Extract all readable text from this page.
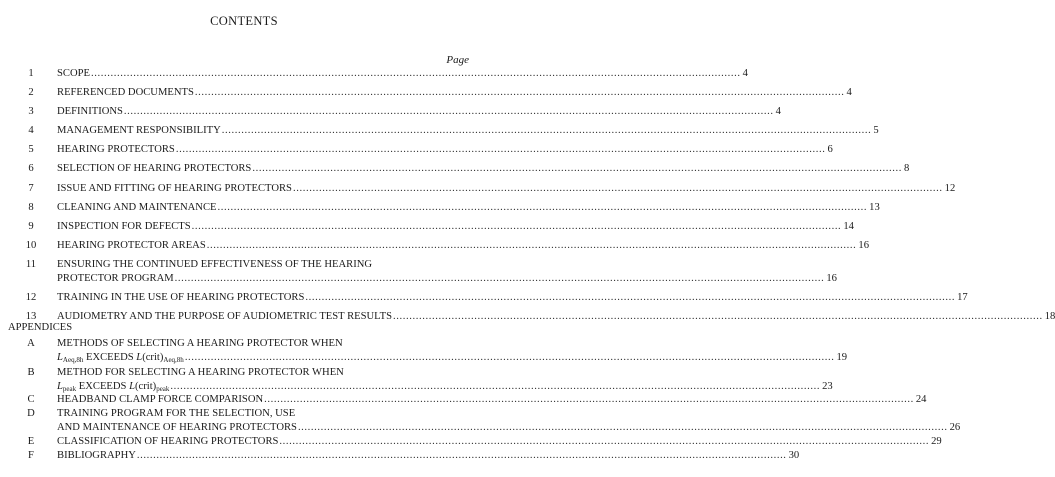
CONTENTS
Page
1	SCOPE ........................................................................................................................................................................................................ 4
2	REFERENCED DOCUMENTS ........................................................................................................................................................................................................ 4
3	DEFINITIONS ........................................................................................................................................................................................................ 4
4	MANAGEMENT RESPONSIBILITY ........................................................................................................................................................................................................ 5
5	HEARING PROTECTORS ........................................................................................................................................................................................................ 6
6	SELECTION OF HEARING PROTECTORS ........................................................................................................................................................................................................ 8
7	ISSUE AND FITTING OF HEARING PROTECTORS ........................................................................................................................................................................................................ 12
8	CLEANING AND MAINTENANCE ........................................................................................................................................................................................................ 13
9	INSPECTION FOR DEFECTS ........................................................................................................................................................................................................ 14
10	HEARING PROTECTOR AREAS ........................................................................................................................................................................................................ 16
11	ENSURING THE CONTINUED EFFECTIVENESS OF THE HEARING
PROTECTOR PROGRAM ........................................................................................................................................................................................................ 16
12	TRAINING IN THE USE OF HEARING PROTECTORS ........................................................................................................................................................................................................ 17
13	AUDIOMETRY AND THE PURPOSE OF AUDIOMETRIC TEST RESULTS ........................................................................................................................................................................................................ 18
APPENDICES
A	METHODS OF SELECTING A HEARING PROTECTOR WHEN
$L_{Aeq,8h}$ EXCEEDS $L(crit)_{Aeq,8h}$ ........................................................................................................................................................................................................ 19
B	METHOD FOR SELECTING A HEARING PROTECTOR WHEN
$L_{peak}$ EXCEEDS $L(crit)_{peak}$ ........................................................................................................................................................................................................ 23
C	HEADBAND CLAMP FORCE COMPARISON ........................................................................................................................................................................................................ 24
D	TRAINING PROGRAM FOR THE SELECTION, USE
AND MAINTENANCE OF HEARING PROTECTORS ........................................................................................................................................................................................................ 26
E	CLASSIFICATION OF HEARING PROTECTORS ........................................................................................................................................................................................................ 29
F	BIBLIOGRAPHY ........................................................................................................................................................................................................ 30
